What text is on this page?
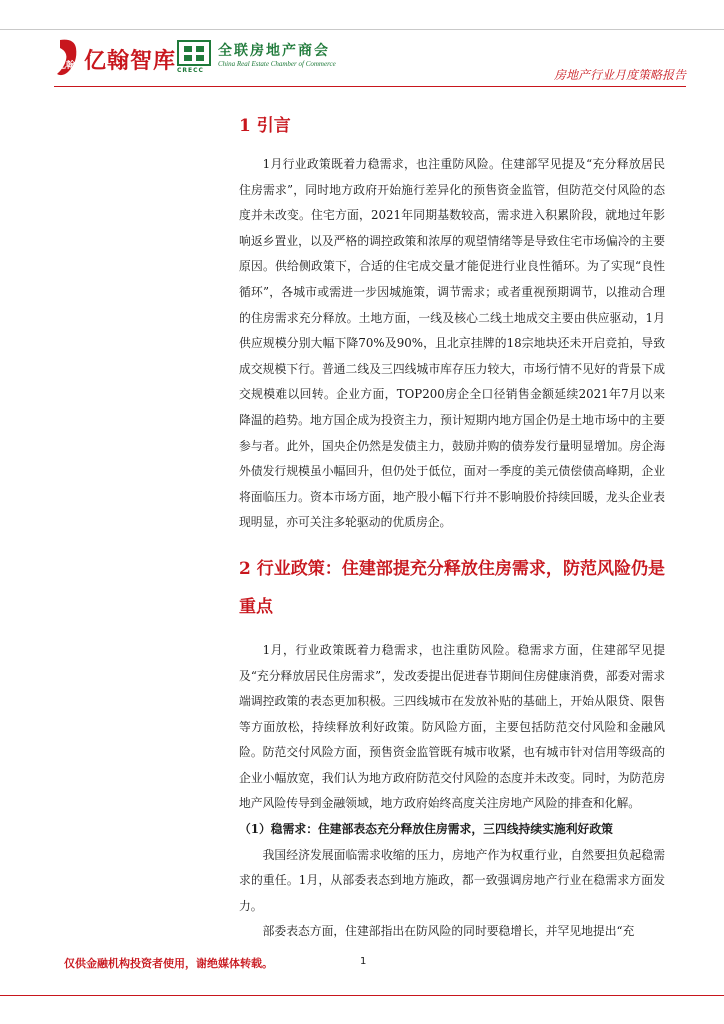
亿翰 亿翰智库 CRECC
全联房地产商会
China Real Estate Chamber of Commerce
房地产行业月度策略报告
1 引言

1月行业政策既着力稳需求，也注重防风险。住建部罕见提及“充分释放居民住房需求”，同时地方政府开始施行差异化的预售资金监管，但防范交付风险的态度并未改变。住宅方面，2021年同期基数较高，需求进入积累阶段，就地过年影响返乡置业，以及严格的调控政策和浓厚的观望情绪等是导致住宅市场偏冷的主要原因。供给侧政策下，合适的住宅成交量才能促进行业良性循环。为了实现“良性循环”，各城市或需进一步因城施策，调节需求；或者重视预期调节，以推动合理的住房需求充分释放。土地方面，一线及核心二线土地成交主要由供应驱动，1月供应规模分别大幅下降70%及90%，且北京挂牌的18宗地块还未开启竞拍，导致成交规模下行。普通二线及三四线城市库存压力较大，市场行情不见好的背景下成交规模难以回转。企业方面，TOP200房企全口径销售金额延续2021年7月以来降温的趋势。地方国企成为投资主力，预计短期内地方国企仍是土地市场中的主要参与者。此外，国央企仍然是发债主力，鼓励并购的债券发行量明显增加。房企海外债发行规模虽小幅回升，但仍处于低位，面对一季度的美元债偿债高峰期，企业将面临压力。资本市场方面，地产股小幅下行并不影响股价持续回暖，龙头企业表现明显，亦可关注多轮驱动的优质房企。

2 行业政策：住建部提充分释放住房需求，防范风险仍是重点

1月，行业政策既着力稳需求，也注重防风险。稳需求方面，住建部罕见提及“充分释放居民住房需求”，发改委提出促进春节期间住房健康消费，部委对需求端调控政策的表态更加积极。三四线城市在发放补贴的基础上，开始从限贷、限售等方面放松，持续释放利好政策。防风险方面，主要包括防范交付风险和金融风险。防范交付风险方面，预售资金监管既有城市收紧，也有城市针对信用等级高的企业小幅放宽，我们认为地方政府防范交付风险的态度并未改变。同时，为防范房地产风险传导到金融领域，地方政府始终高度关注房地产风险的排查和化解。

（1）稳需求：住建部表态充分释放住房需求，三四线持续实施利好政策

我国经济发展面临需求收缩的压力，房地产作为权重行业，自然要担负起稳需求的重任。1月，从部委表态到地方施政，都一致强调房地产行业在稳需求方面发力。

部委表态方面，住建部指出在防风险的同时要稳增长，并罕见地提出“充

仅供金融机构投资者使用，谢绝媒体转载。	1
